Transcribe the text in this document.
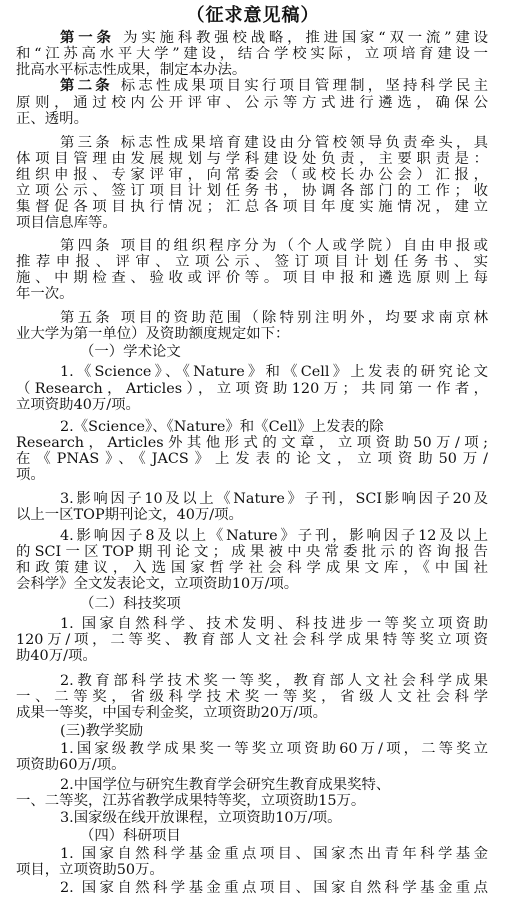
（征求意见稿）
第一条 为实施科教强校战略，推进国家“双一流”建设
和“江苏高水平大学”建设，结合学校实际，立项培育建设一
批高水平标志性成果，制定本办法。
第二条 标志性成果项目实行项目管理制，坚持科学民主
原则，通过校内公开评审、公示等方式进行遴选，确保公
正、透明。
第三条 标志性成果培育建设由分管校领导负责牵头，具
体项目管理由发展规划与学科建设处负责，主要职责是：
组织申报、专家评审，向常委会（或校长办公会）汇报，
立项公示、签订项目计划任务书，协调各部门的工作；收
集督促各项目执行情况；汇总各项目年度实施情况，建立
项目信息库等。
第四条 项目的组织程序分为（个人或学院）自由申报或
推荐申报、评审、立项公示、签订项目计划任务书、实
施、中期检查、验收或评价等。项目申报和遴选原则上每
年一次。
第五条 项目的资助范围（除特别注明外，均要求南京林
业大学为第一单位）及资助额度规定如下：
（一）学术论文
1.《Science》、《Nature》和《Cell》上发表的研究论文
（Research，Articles），立项资助120万；共同第一作者，
立项资助40万/项。
2.《Science》、《Nature》和《Cell》上发表的除
Research，Articles外其他形式的文章，立项资助50万/项;
在《PNAS》、《JACS》上发表的论文，立项资助50万/
项。
3.影响因子10及以上《Nature》子刊，SCI影响因子20及
以上一区TOP期刊论文，40万/项。
4.影响因子8及以上《Nature》子刊，影响因子12及以上
的SCI一区TOP期刊论文；成果被中央常委批示的咨询报告
和政策建议，入选国家哲学社会科学成果文库，《中国社
会科学》全文发表论文，立项资助10万/项。
（二）科技奖项
1. 国家自然科学、技术发明、科技进步一等奖立项资助
120万/项，二等奖、教育部人文社会科学成果特等奖立项资
助40万/项。
2.教育部科学技术奖一等奖，教育部人文社会科学成果
一、二等奖，省级科学技术奖一等奖，省级人文社会科学
成果一等奖，中国专利金奖，立项资助20万/项。
(三)教学奖励
1.国家级教学成果奖一等奖立项资助60万/项，二等奖立
项资助60万/项。
2.中国学位与研究生教育学会研究生教育成果奖特、
一、二等奖，江苏省教学成果特等奖，立项资助15万。
3.国家级在线开放课程，立项资助10万/项。
（四）科研项目
1. 国家自然科学基金重点项目、国家杰出青年科学基金
项目，立项资助50万。
2. 国家自然科学基金重点项目、国家自然科学基金重点
